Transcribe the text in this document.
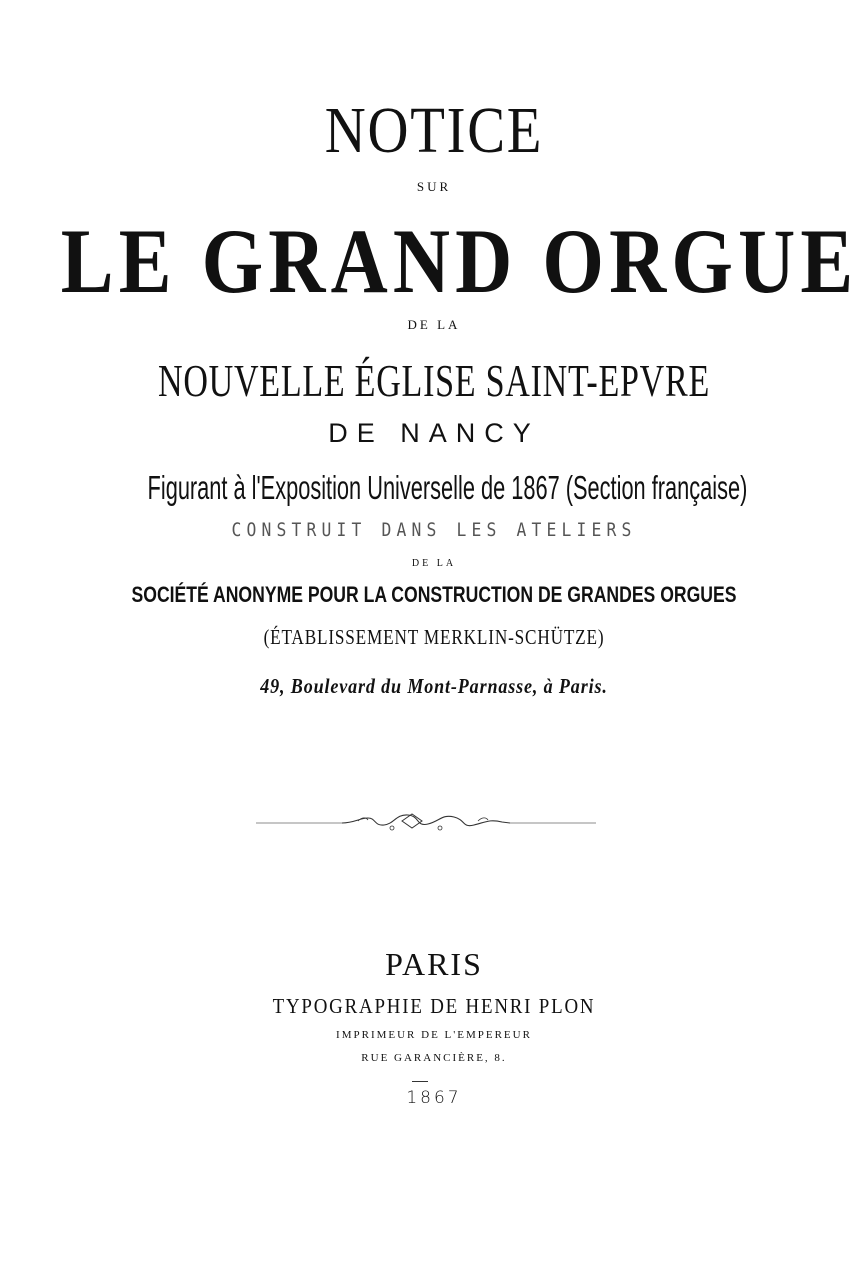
NOTICE
SUR
LE GRAND ORGUE
DE LA
NOUVELLE ÉGLISE SAINT-EPVRE
DE NANCY
Figurant à l'Exposition Universelle de 1867 (Section française)
CONSTRUIT DANS LES ATELIERS
DE LA
SOCIÉTÉ ANONYME POUR LA CONSTRUCTION DE GRANDES ORGUES
(ÉTABLISSEMENT MERKLIN-SCHÜTZE)
49, Boulevard du Mont-Parnasse, à Paris.
PARIS
TYPOGRAPHIE DE HENRI PLON
IMPRIMEUR DE L'EMPEREUR
RUE GARANCIÈRE, 8.
1867
